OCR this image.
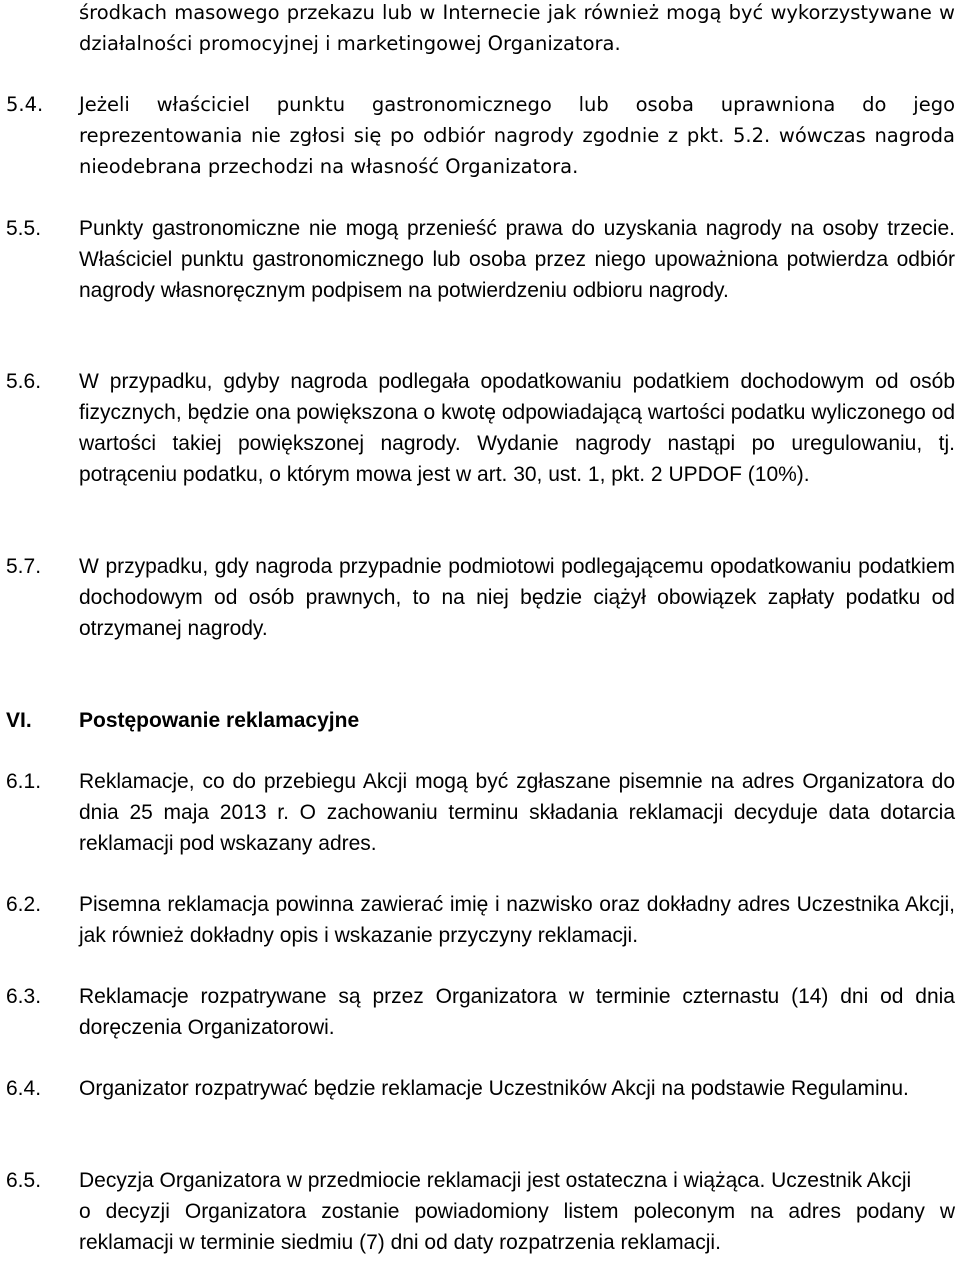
środkach masowego przekazu lub w Internecie jak również mogą być wykorzystywane w działalności promocyjnej i marketingowej Organizatora.
5.4. Jeżeli właściciel punktu gastronomicznego lub osoba uprawniona do jego reprezentowania nie zgłosi się po odbiór nagrody zgodnie z pkt. 5.2. wówczas nagroda nieodebrana przechodzi na własność Organizatora.
5.5. Punkty gastronomiczne nie mogą przenieść prawa do uzyskania nagrody na osoby trzecie. Właściciel punktu gastronomicznego lub osoba przez niego upoważniona potwierdza odbiór nagrody własnoręcznym podpisem na potwierdzeniu odbioru nagrody.
5.6. W przypadku, gdyby nagroda podlegała opodatkowaniu podatkiem dochodowym od osób fizycznych, będzie ona powiększona o kwotę odpowiadającą wartości podatku wyliczonego od wartości takiej powiększonej nagrody. Wydanie nagrody nastąpi po uregulowaniu, tj. potrąceniu podatku, o którym mowa jest w art. 30, ust. 1, pkt. 2 UPDOF (10%).
5.7. W przypadku, gdy nagroda przypadnie podmiotowi podlegającemu opodatkowaniu podatkiem dochodowym od osób prawnych, to na niej będzie ciążył obowiązek zapłaty podatku od otrzymanej nagrody.
VI. Postępowanie reklamacyjne
6.1. Reklamacje, co do przebiegu Akcji mogą być zgłaszane pisemnie na adres Organizatora do dnia 25 maja 2013 r. O zachowaniu terminu składania reklamacji decyduje data dotarcia reklamacji pod wskazany adres.
6.2. Pisemna reklamacja powinna zawierać imię i nazwisko oraz dokładny adres Uczestnika Akcji, jak również dokładny opis i wskazanie przyczyny reklamacji.
6.3. Reklamacje rozpatrywane są przez Organizatora w terminie czternastu (14) dni od dnia doręczenia Organizatorowi.
6.4. Organizator rozpatrywać będzie reklamacje Uczestników Akcji na podstawie Regulaminu.
6.5. Decyzja Organizatora w przedmiocie reklamacji jest ostateczna i wiążąca. Uczestnik Akcji

o decyzji Organizatora zostanie powiadomiony listem poleconym na adres podany w reklamacji w terminie siedmiu (7) dni od daty rozpatrzenia reklamacji.
